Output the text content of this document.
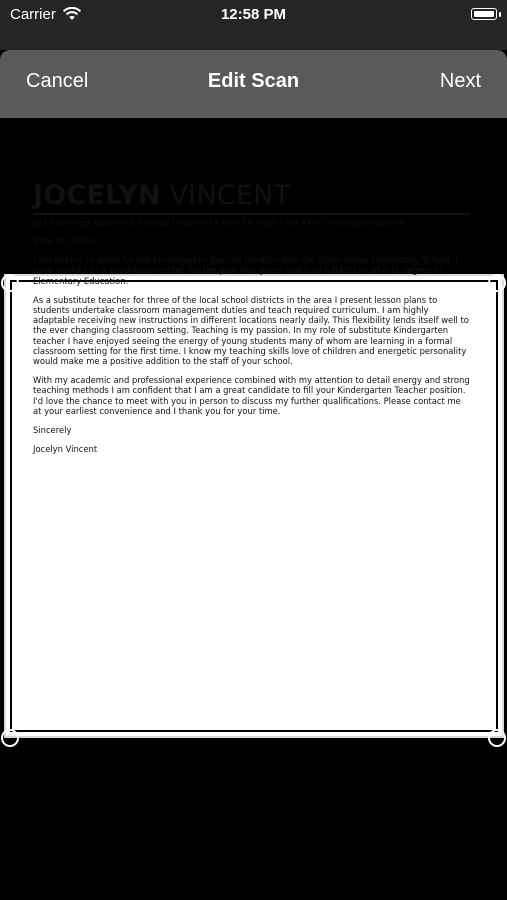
Carrier	12:58 PM
Cancel	Edit Scan	Next
JOCELYN VINCENT
123 Main Street, London, UK NW80QE | (020) XXXX XXXX | M: (020) XXXX XXXX | email@example.com
Dear Mr. Dillon
I am writing to apply for the Kindergarten Teacher position with the Silver Arrow Elementary School. I have worked as a substitute teacher for the past four years and hold a Bachelor of Arts degree in Elementary Education.
As a substitute teacher for three of the local school districts in the area I present lesson plans to students undertake classroom management duties and teach required curriculum. I am highly adaptable receiving new instructions in different locations nearly daily. This flexibility lends itself well to the ever changing classroom setting. Teaching is my passion. In my role of substitute Kindergarten teacher I have enjoyed seeing the energy of young students many of whom are learning in a formal classroom setting for the first time. I know my teaching skills love of children and energetic personality would make me a positive addition to the staff of your school.
With my academic and professional experience combined with my attention to detail energy and strong teaching methods I am confident that I am a great candidate to fill your Kindergarten Teacher position. I'd love the chance to meet with you in person to discuss my further qualifications. Please contact me at your earliest convenience and I thank you for your time.
Sincerely
Jocelyn Vincent
